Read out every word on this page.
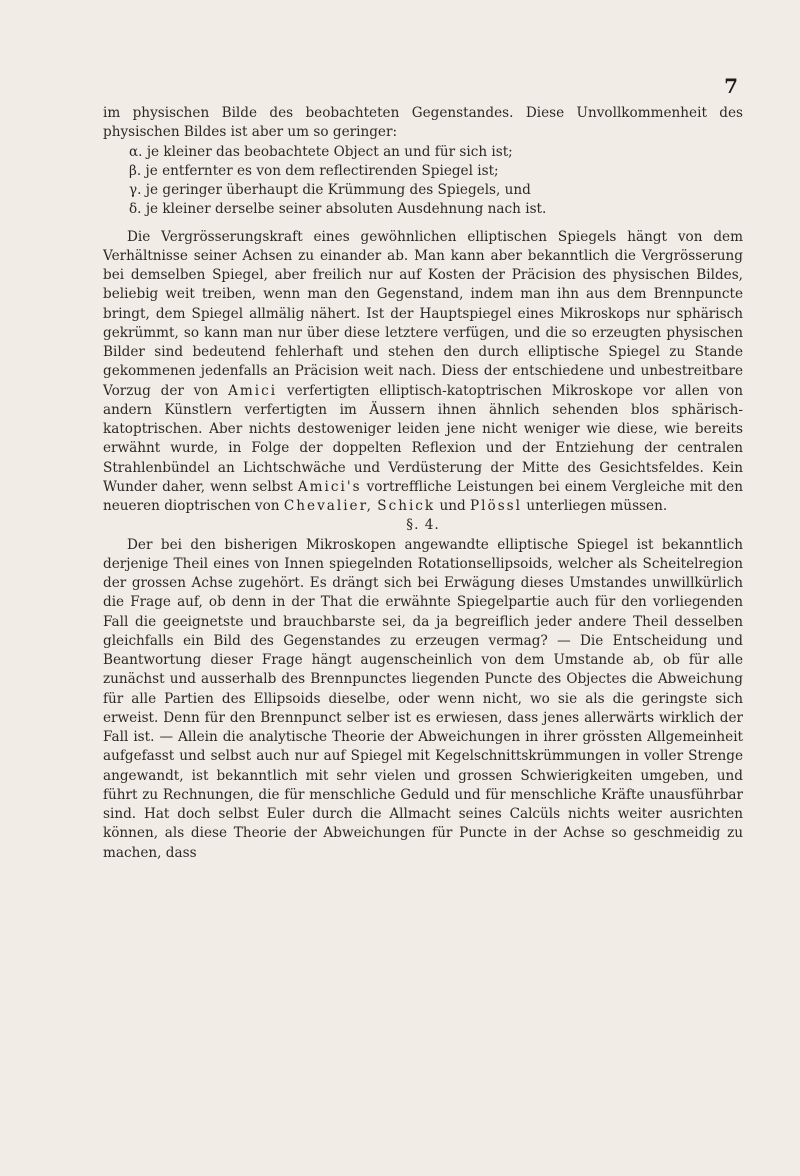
7

im physischen Bilde des beobachteten Gegenstandes. Diese Unvollkommenheit des physischen Bildes ist aber um so geringer:

α. je kleiner das beobachtete Object an und für sich ist;

β. je entfernter es von dem reflectirenden Spiegel ist;

γ. je geringer überhaupt die Krümmung des Spiegels, und

δ. je kleiner derselbe seiner absoluten Ausdehnung nach ist.

Die Vergrösserungskraft eines gewöhnlichen elliptischen Spiegels hängt von dem Verhältnisse seiner Achsen zu einander ab. Man kann aber bekanntlich die Vergrösserung bei demselben Spiegel, aber freilich nur auf Kosten der Präcision des physischen Bildes, beliebig weit treiben, wenn man den Gegenstand, indem man ihn aus dem Brennpuncte bringt, dem Spiegel allmälig nähert. Ist der Hauptspiegel eines Mikroskops nur sphärisch gekrümmt, so kann man nur über diese letztere verfügen, und die so erzeugten physischen Bilder sind bedeutend fehlerhaft und stehen den durch elliptische Spiegel zu Stande gekommenen jedenfalls an Präcision weit nach. Diess der entschiedene und unbestreitbare Vorzug der von Amici verfertigten elliptisch-katoptrischen Mikroskope vor allen von andern Künstlern verfertigten im Äussern ihnen ähnlich sehenden blos sphärisch-katoptrischen. Aber nichts destoweniger leiden jene nicht weniger wie diese, wie bereits erwähnt wurde, in Folge der doppelten Reflexion und der Entziehung der centralen Strahlenbündel an Lichtschwäche und Verdüsterung der Mitte des Gesichtsfeldes. Kein Wunder daher, wenn selbst Amici's vortreffliche Leistungen bei einem Vergleiche mit den neueren dioptrischen von Chevalier, Schick und Plössl unterliegen müssen.

§. 4.

Der bei den bisherigen Mikroskopen angewandte elliptische Spiegel ist bekanntlich derjenige Theil eines von Innen spiegelnden Rotationsellipsoids, welcher als Scheitelregion der grossen Achse zugehört. Es drängt sich bei Erwägung dieses Umstandes unwillkürlich die Frage auf, ob denn in der That die erwähnte Spiegelpartie auch für den vorliegenden Fall die geeignetste und brauchbarste sei, da ja begreiflich jeder andere Theil desselben gleichfalls ein Bild des Gegenstandes zu erzeugen vermag? — Die Entscheidung und Beantwortung dieser Frage hängt augenscheinlich von dem Umstande ab, ob für alle zunächst und ausserhalb des Brennpunctes liegenden Puncte des Objectes die Abweichung für alle Partien des Ellipsoids dieselbe, oder wenn nicht, wo sie als die geringste sich erweist. Denn für den Brennpunct selber ist es erwiesen, dass jenes allerwärts wirklich der Fall ist. — Allein die analytische Theorie der Abweichungen in ihrer grössten Allgemeinheit aufgefasst und selbst auch nur auf Spiegel mit Kegelschnittskrümmungen in voller Strenge angewandt, ist bekanntlich mit sehr vielen und grossen Schwierigkeiten umgeben, und führt zu Rechnungen, die für menschliche Geduld und für menschliche Kräfte unausführbar sind. Hat doch selbst Euler durch die Allmacht seines Calcüls nichts weiter ausrichten können, als diese Theorie der Abweichungen für Puncte in der Achse so geschmeidig zu machen, dass
